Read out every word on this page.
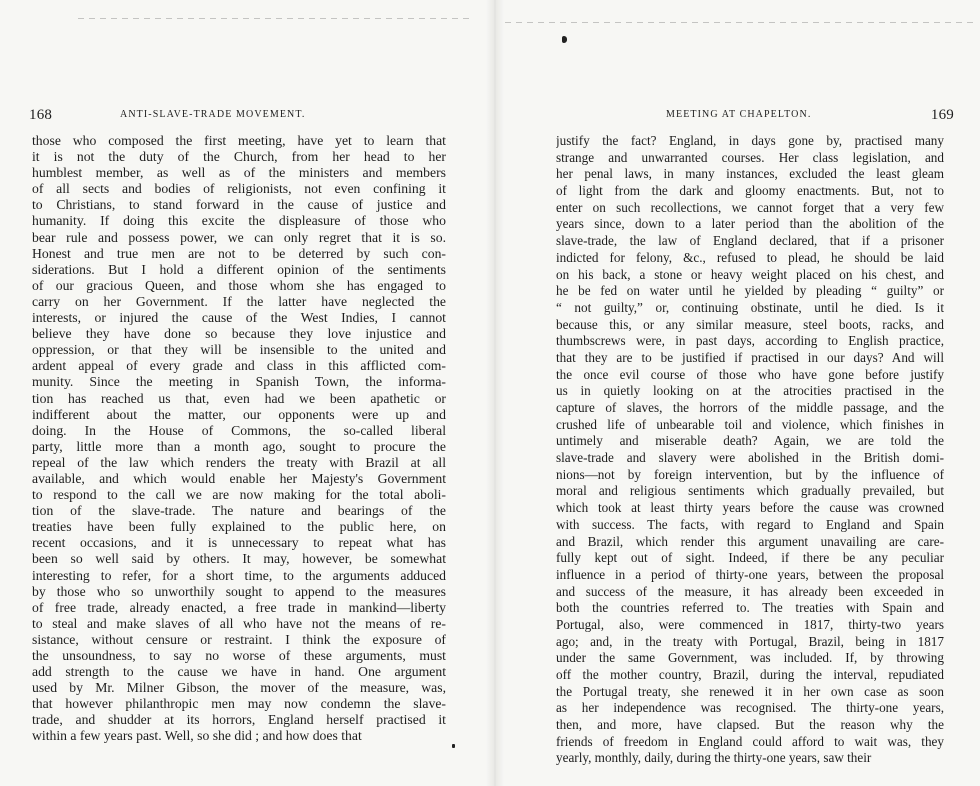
168	ANTI-SLAVE-TRADE MOVEMENT.
those who composed the first meeting, have yet to learn that
it is not the duty of the Church, from her head to her
humblest member, as well as of the ministers and members
of all sects and bodies of religionists, not even confining it
to Christians, to stand forward in the cause of justice and
humanity. If doing this excite the displeasure of those who
bear rule and possess power, we can only regret that it is so.
Honest and true men are not to be deterred by such con-
siderations. But I hold a different opinion of the sentiments
of our gracious Queen, and those whom she has engaged to
carry on her Government. If the latter have neglected the
interests, or injured the cause of the West Indies, I cannot
believe they have done so because they love injustice and
oppression, or that they will be insensible to the united and
ardent appeal of every grade and class in this afflicted com-
munity. Since the meeting in Spanish Town, the informa-
tion has reached us that, even had we been apathetic or
indifferent about the matter, our opponents were up and
doing. In the House of Commons, the so-called liberal
party, little more than a month ago, sought to procure the
repeal of the law which renders the treaty with Brazil at all
available, and which would enable her Majesty's Government
to respond to the call we are now making for the total aboli-
tion of the slave-trade. The nature and bearings of the
treaties have been fully explained to the public here, on
recent occasions, and it is unnecessary to repeat what has
been so well said by others. It may, however, be somewhat
interesting to refer, for a short time, to the arguments adduced
by those who so unworthily sought to append to the measures
of free trade, already enacted, a free trade in mankind—liberty
to steal and make slaves of all who have not the means of re-
sistance, without censure or restraint. I think the exposure of
the unsoundness, to say no worse of these arguments, must
add strength to the cause we have in hand. One argument
used by Mr. Milner Gibson, the mover of the measure, was,
that however philanthropic men may now condemn the slave-
trade, and shudder at its horrors, England herself practised it
within a few years past. Well, so she did ; and how does that
MEETING AT CHAPELTON.	169
justify the fact? England, in days gone by, practised many
strange and unwarranted courses. Her class legislation, and
her penal laws, in many instances, excluded the least gleam
of light from the dark and gloomy enactments. But, not to
enter on such recollections, we cannot forget that a very few
years since, down to a later period than the abolition of the
slave-trade, the law of England declared, that if a prisoner
indicted for felony, &c., refused to plead, he should be laid
on his back, a stone or heavy weight placed on his chest, and
he be fed on water until he yielded by pleading “ guilty” or
“ not guilty,” or, continuing obstinate, until he died. Is it
because this, or any similar measure, steel boots, racks, and
thumbscrews were, in past days, according to English practice,
that they are to be justified if practised in our days? And will
the once evil course of those who have gone before justify
us in quietly looking on at the atrocities practised in the
capture of slaves, the horrors of the middle passage, and the
crushed life of unbearable toil and violence, which finishes in
untimely and miserable death? Again, we are told the
slave-trade and slavery were abolished in the British domi-
nions—not by foreign intervention, but by the influence of
moral and religious sentiments which gradually prevailed, but
which took at least thirty years before the cause was crowned
with success. The facts, with regard to England and Spain
and Brazil, which render this argument unavailing are care-
fully kept out of sight. Indeed, if there be any peculiar
influence in a period of thirty-one years, between the proposal
and success of the measure, it has already been exceeded in
both the countries referred to. The treaties with Spain and
Portugal, also, were commenced in 1817, thirty-two years
ago; and, in the treaty with Portugal, Brazil, being in 1817
under the same Government, was included. If, by throwing
off the mother country, Brazil, during the interval, repudiated
the Portugal treaty, she renewed it in her own case as soon
as her independence was recognised. The thirty-one years,
then, and more, have clapsed. But the reason why the
friends of freedom in England could afford to wait was, they
yearly, monthly, daily, during the thirty-one years, saw their
